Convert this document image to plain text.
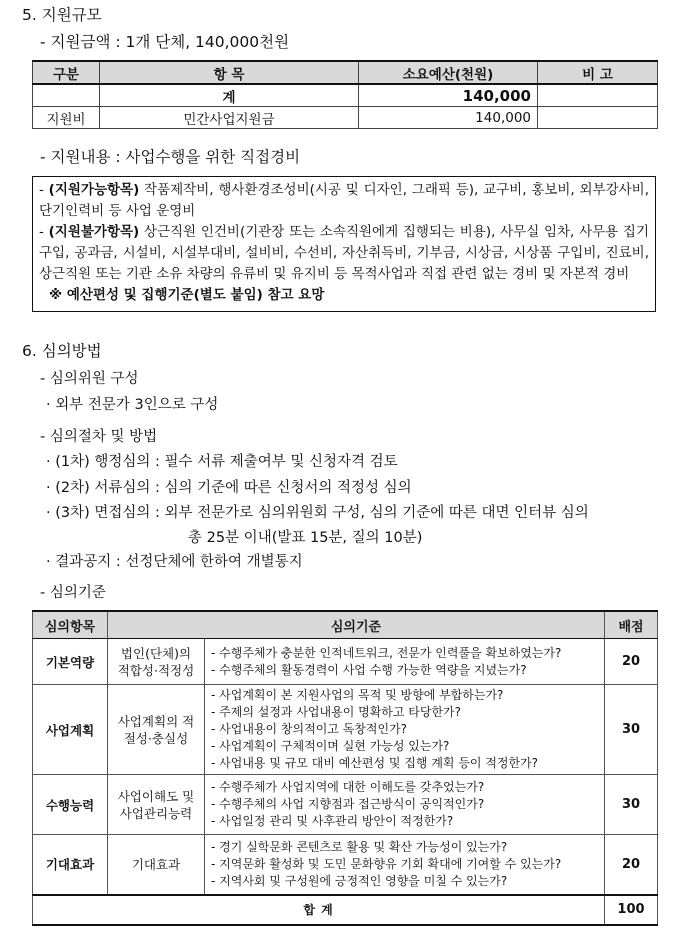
5. 지원규모
- 지원금액 : 1개 단체, 140,000천원
구분	항 목	소요예산(천원)	비 고
	계	140,000	
지원비	민간사업지원금	140,000	
- 지원내용 : 사업수행을 위한 직접경비
- (지원가능항목) 작품제작비, 행사환경조성비(시공 및 디자인, 그래픽 등), 교구비, 홍보비, 외부강사비, 단기인력비 등 사업 운영비
- (지원불가항목) 상근직원 인건비(기관장 또는 소속직원에게 집행되는 비용), 사무실 임차, 사무용 집기구입, 공과금, 시설비, 시설부대비, 설비비, 수선비, 자산취득비, 기부금, 시상금, 시상품 구입비, 진료비, 상근직원 또는 기관 소유 차량의 유류비 및 유지비 등 목적사업과 직접 관련 없는 경비 및 자본적 경비
※ 예산편성 및 집행기준(별도 붙임) 참고 요망
6. 심의방법
- 심의위원 구성
· 외부 전문가 3인으로 구성
- 심의절차 및 방법
· (1차) 행정심의 : 필수 서류 제출여부 및 신청자격 검토
· (2차) 서류심의 : 심의 기준에 따른 신청서의 적정성 심의
· (3차) 면접심의 : 외부 전문가로 심의위원회 구성, 심의 기준에 따른 대면 인터뷰 심의
총 25분 이내(발표 15분, 질의 10분)
· 결과공지 : 선정단체에 한하여 개별통지
- 심의기준
심의항목	심의기준		배점
기본역량	법인(단체)의 적합성·적정성	- 수행주체가 충분한 인적네트워크, 전문가 인력풀을 확보하였는가?
- 수행주체의 활동경력이 사업 수행 가능한 역량을 지녔는가?	20
사업계획	사업계획의 적절성·충실성	- 사업계획이 본 지원사업의 목적 및 방향에 부합하는가?
- 주제의 설정과 사업내용이 명확하고 타당한가?
- 사업내용이 창의적이고 독창적인가?
- 사업계획이 구체적이며 실현 가능성 있는가?
- 사업내용 및 규모 대비 예산편성 및 집행 계획 등이 적정한가?	30
수행능력	사업이해도 및 사업관리능력	- 수행주체가 사업지역에 대한 이해도를 갖추었는가?
- 수행주체의 사업 지향점과 접근방식이 공익적인가?
- 사업일정 관리 및 사후관리 방안이 적정한가?	30
기대효과	기대효과	- 경기 실학문화 콘텐츠로 활용 및 확산 가능성이 있는가?
- 지역문화 활성화 및 도민 문화향유 기회 확대에 기여할 수 있는가?
- 지역사회 및 구성원에 긍정적인 영향을 미칠 수 있는가?	20
합 계			100
